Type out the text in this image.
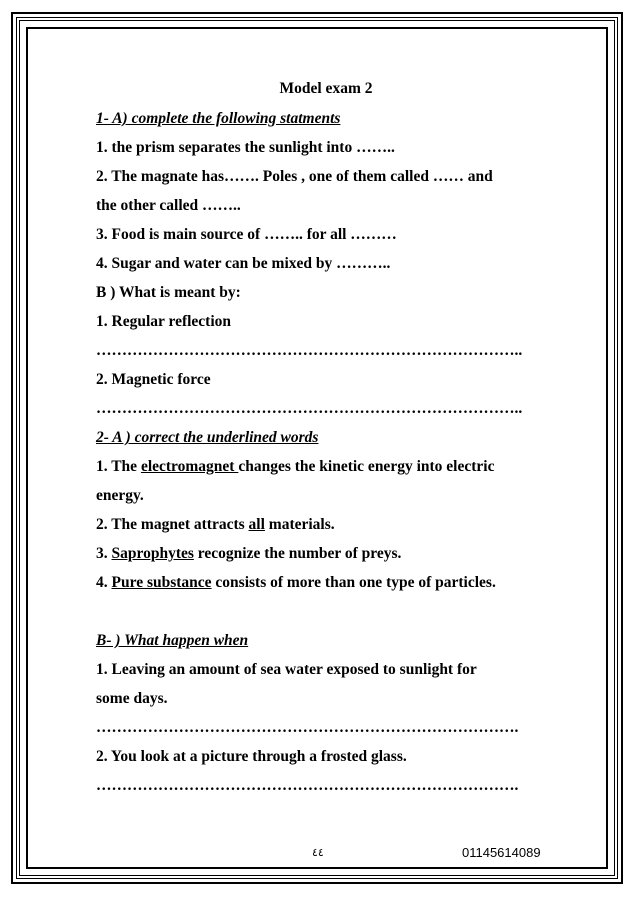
Model exam 2
1- A) complete the following statments
1. the prism separates the sunlight into ……..
2. The magnate has……. Poles , one of them called …… and
the other called ……..
3. Food is main source of …….. for all ………
4. Sugar and water can be mixed by ………..
B ) What is meant by:
1. Regular reflection
………………………………………………………………………..
2. Magnetic force
………………………………………………………………………..
2- A ) correct the underlined words
1. The electromagnet changes the kinetic energy into electric
energy.
2. The magnet attracts all materials.
3. Saprophytes recognize the number of preys.
4. Pure substance consists of more than one type of particles.
B- ) What happen when
1. Leaving an amount of sea water exposed to sunlight for
some days.
……………………………………………………………………….
2. You look at a picture through a frosted glass.
……………………………………………………………………….
٤٤	01145614089
